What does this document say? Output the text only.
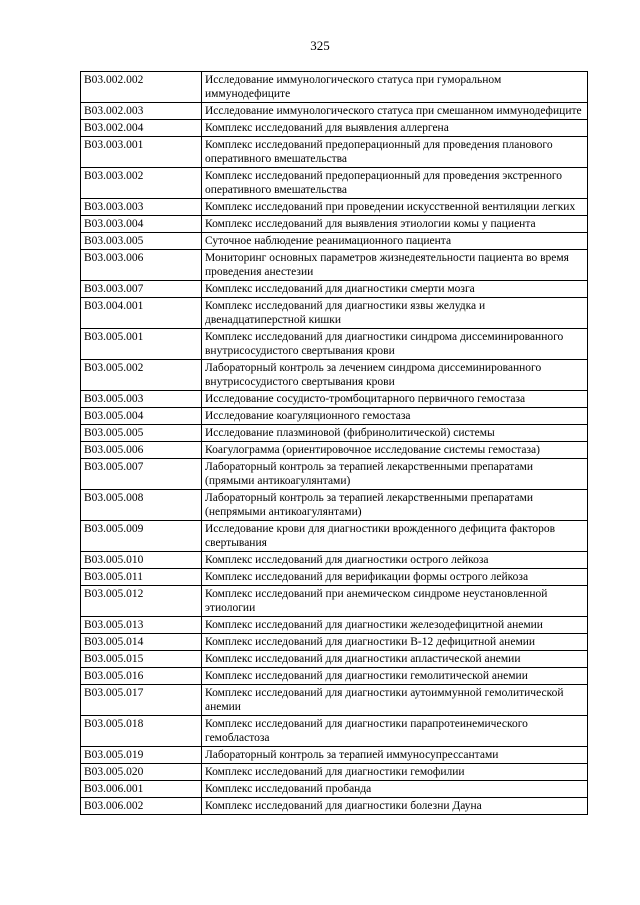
325
B03.002.002	Исследование иммунологического статуса при гуморальном иммунодефиците
B03.002.003	Исследование иммунологического статуса при смешанном иммунодефиците
B03.002.004	Комплекс исследований для выявления аллергена
B03.003.001	Комплекс исследований предоперационный для проведения планового оперативного вмешательства
B03.003.002	Комплекс исследований предоперационный для проведения экстренного оперативного вмешательства
B03.003.003	Комплекс исследований при проведении искусственной вентиляции легких
B03.003.004	Комплекс исследований для выявления этиологии комы у пациента
B03.003.005	Суточное наблюдение реанимационного пациента
B03.003.006	Мониторинг основных параметров жизнедеятельности пациента во время проведения анестезии
B03.003.007	Комплекс исследований для диагностики смерти мозга
B03.004.001	Комплекс исследований для диагностики язвы желудка и двенадцатиперстной кишки
B03.005.001	Комплекс исследований для диагностики синдрома диссеминированного внутрисосудистого свертывания крови
B03.005.002	Лабораторный контроль за лечением синдрома диссеминированного внутрисосудистого свертывания крови
B03.005.003	Исследование сосудисто-тромбоцитарного первичного гемостаза
B03.005.004	Исследование коагуляционного гемостаза
B03.005.005	Исследование плазминовой (фибринолитической) системы
B03.005.006	Коагулограмма (ориентировочное исследование системы гемостаза)
B03.005.007	Лабораторный контроль за терапией лекарственными препаратами (прямыми антикоагулянтами)
B03.005.008	Лабораторный контроль за терапией лекарственными препаратами (непрямыми антикоагулянтами)
B03.005.009	Исследование крови для диагностики врожденного дефицита факторов свертывания
B03.005.010	Комплекс исследований для диагностики острого лейкоза
B03.005.011	Комплекс исследований для верификации формы острого лейкоза
B03.005.012	Комплекс исследований при анемическом синдроме неустановленной этиологии
B03.005.013	Комплекс исследований для диагностики железодефицитной анемии
B03.005.014	Комплекс исследований для диагностики B-12 дефицитной анемии
B03.005.015	Комплекс исследований для диагностики апластической анемии
B03.005.016	Комплекс исследований для диагностики гемолитической анемии
B03.005.017	Комплекс исследований для диагностики аутоиммунной гемолитической анемии
B03.005.018	Комплекс исследований для диагностики парапротеинемического гемобластоза
B03.005.019	Лабораторный контроль за терапией иммуносупрессантами
B03.005.020	Комплекс исследований для диагностики гемофилии
B03.006.001	Комплекс исследований пробанда
B03.006.002	Комплекс исследований для диагностики болезни Дауна
